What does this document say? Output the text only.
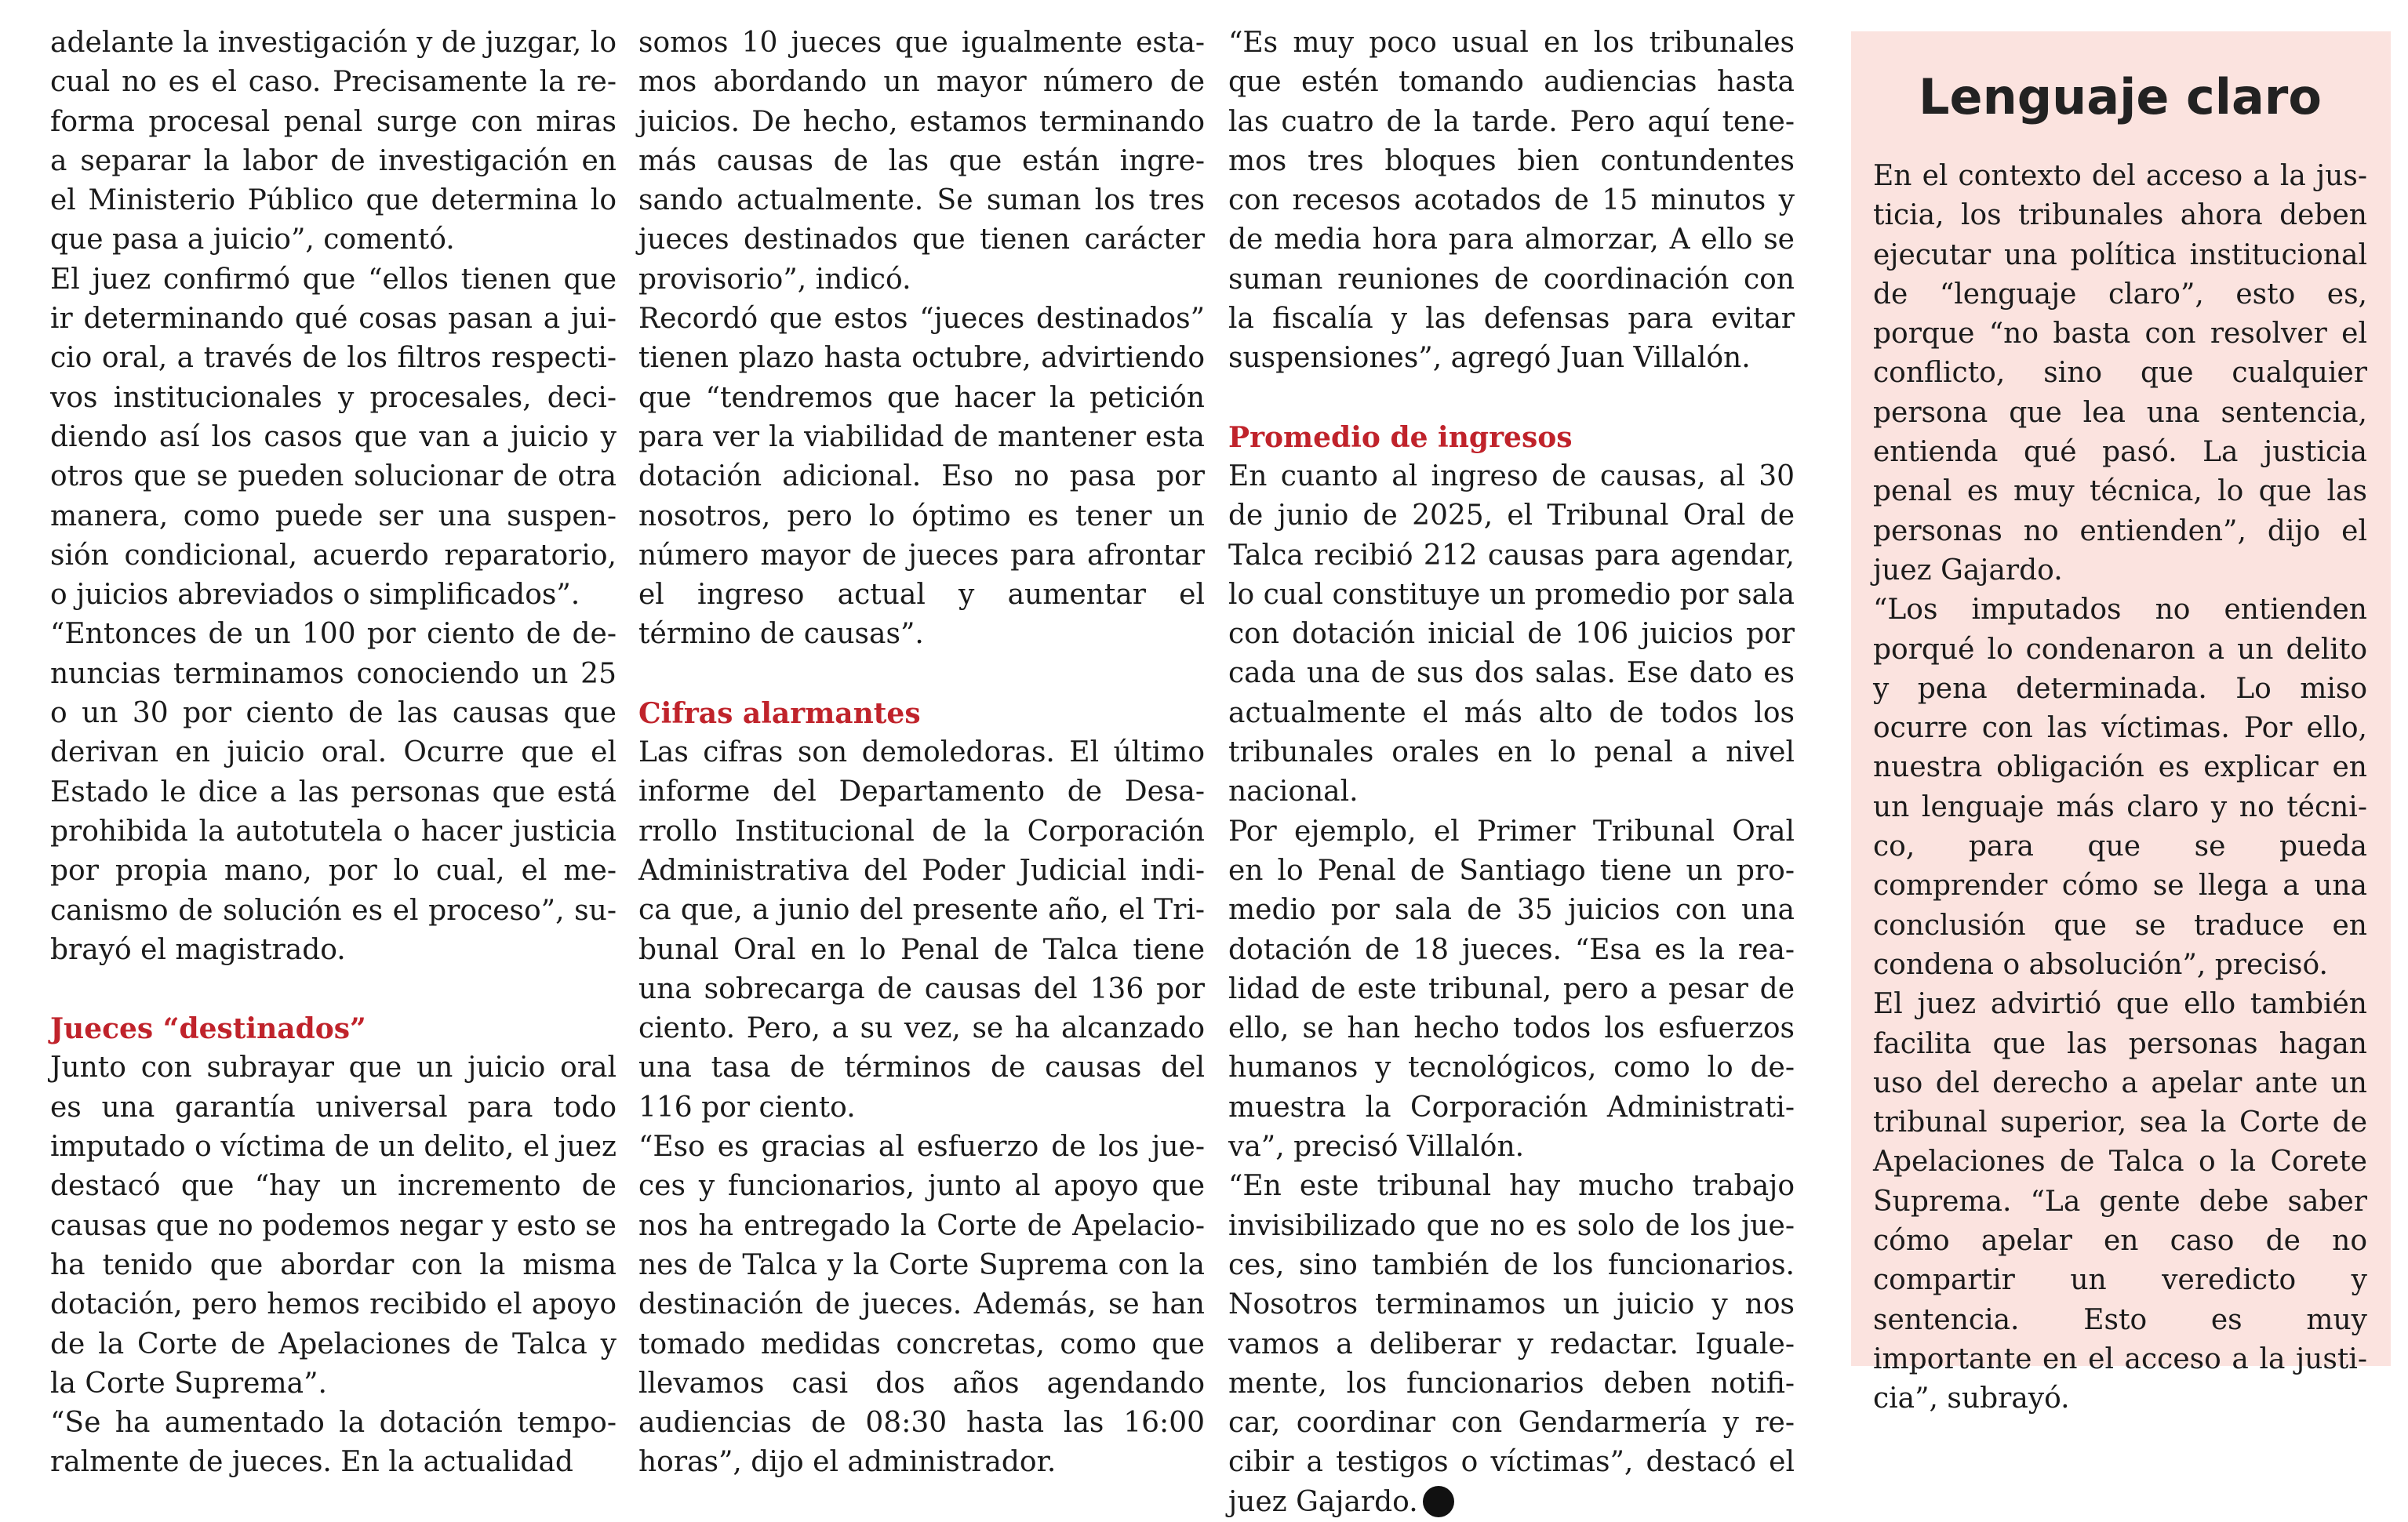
adelante la investigación y de juzgar, lo cual no es el caso. Precisamente la reforma procesal penal surge con miras a separar la labor de investigación en el Ministerio Público que determina lo que pasa a juicio”, comentó.

El juez confirmó que “ellos tienen que ir determinando qué cosas pasan a juicio oral, a través de los filtros respectivos institucionales y procesales, decidiendo así los casos que van a juicio y otros que se pueden solucionar de otra manera, como puede ser una suspensión condicional, acuerdo reparatorio, o juicios abreviados o simplificados”.

“Entonces de un 100 por ciento de denuncias terminamos conociendo un 25 o un 30 por ciento de las causas que derivan en juicio oral. Ocurre que el Estado le dice a las personas que está prohibida la autotutela o hacer justicia por propia mano, por lo cual, el mecanismo de solución es el proceso”, subrayó el magistrado.

Jueces “destinados”

Junto con subrayar que un juicio oral es una garantía universal para todo imputado o víctima de un delito, el juez destacó que “hay un incremento de causas que no podemos negar y esto se ha tenido que abordar con la misma dotación, pero hemos recibido el apoyo de la Corte de Apelaciones de Talca y la Corte Suprema”.

“Se ha aumentado la dotación temporalmente de jueces. En la actualidad

somos 10 jueces que igualmente estamos abordando un mayor número de juicios. De hecho, estamos terminando más causas de las que están ingresando actualmente. Se suman los tres jueces destinados que tienen carácter provisorio”, indicó.

Recordó que estos “jueces destinados” tienen plazo hasta octubre, advirtiendo que “tendremos que hacer la petición para ver la viabilidad de mantener esta dotación adicional. Eso no pasa por nosotros, pero lo óptimo es tener un número mayor de jueces para afrontar el ingreso actual y aumentar el término de causas”.

Cifras alarmantes

Las cifras son demoledoras. El último informe del Departamento de Desarrollo Institucional de la Corporación Administrativa del Poder Judicial indica que, a junio del presente año, el Tribunal Oral en lo Penal de Talca tiene una sobrecarga de causas del 136 por ciento. Pero, a su vez, se ha alcanzado una tasa de términos de causas del 116 por ciento.

“Eso es gracias al esfuerzo de los jueces y funcionarios, junto al apoyo que nos ha entregado la Corte de Apelaciones de Talca y la Corte Suprema con la destinación de jueces. Además, se han tomado medidas concretas, como que llevamos casi dos años agendando audiencias de 08:30 hasta las 16:00 horas”, dijo el administrador.

“Es muy poco usual en los tribunales que estén tomando audiencias hasta las cuatro de la tarde. Pero aquí tenemos tres bloques bien contundentes con recesos acotados de 15 minutos y de media hora para almorzar, A ello se suman reuniones de coordinación con la fiscalía y las defensas para evitar suspensiones”, agregó Juan Villalón.

Promedio de ingresos

En cuanto al ingreso de causas, al 30 de junio de 2025, el Tribunal Oral de Talca recibió 212 causas para agendar, lo cual constituye un promedio por sala con dotación inicial de 106 juicios por cada una de sus dos salas. Ese dato es actualmente el más alto de todos los tribunales orales en lo penal a nivel nacional.

Por ejemplo, el Primer Tribunal Oral en lo Penal de Santiago tiene un promedio por sala de 35 juicios con una dotación de 18 jueces. “Esa es la realidad de este tribunal, pero a pesar de ello, se han hecho todos los esfuerzos humanos y tecnológicos, como lo demuestra la Corporación Administrativa”, precisó Villalón.

“En este tribunal hay mucho trabajo invisibilizado que no es solo de los jueces, sino también de los funcionarios. Nosotros terminamos un juicio y nos vamos a deliberar y redactar. Igualemente, los funcionarios deben notificar, coordinar con Gendarmería y recibir a testigos o víctimas”, destacó el juez Gajardo.

Lenguaje claro

En el contexto del acceso a la justicia, los tribunales ahora deben ejecutar una política institucional de “lenguaje claro”, esto es, porque “no basta con resolver el conflicto, sino que cualquier persona que lea una sentencia, entienda qué pasó. La justicia penal es muy técnica, lo que las personas no entienden”, dijo el juez Gajardo.

“Los imputados no entienden porqué lo condenaron a un delito y pena determinada. Lo miso ocurre con las víctimas. Por ello, nuestra obligación es explicar en un lenguaje más claro y no técnico, para que se pueda comprender cómo se llega a una conclusión que se traduce en condena o absolución”, precisó.

El juez advirtió que ello también facilita que las personas hagan uso del derecho a apelar ante un tribunal superior, sea la Corte de Apelaciones de Talca o la Corete Suprema. “La gente debe saber cómo apelar en caso de no compartir un veredicto y sentencia. Esto es muy importante en el acceso a la justicia”, subrayó.
